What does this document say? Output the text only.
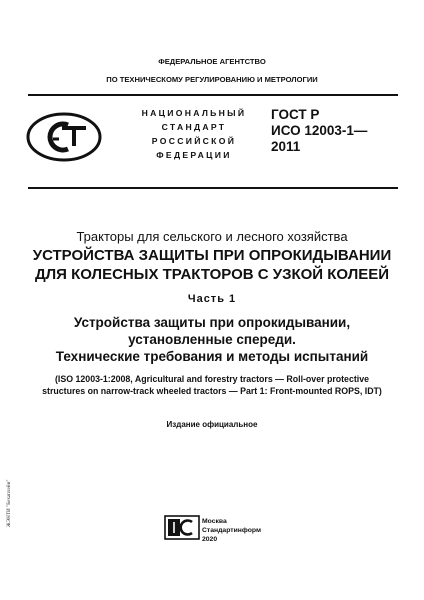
ФЕДЕРАЛЬНОЕ АГЕНТСТВО
ПО ТЕХНИЧЕСКОМУ РЕГУЛИРОВАНИЮ И МЕТРОЛОГИИ
НАЦИОНАЛЬНЫЙ
СТАНДАРТ
РОССИЙСКОЙ
ФЕДЕРАЦИИ
ГОСТ Р
ИСО 12003-1—
2011
Тракторы для сельского и лесного хозяйства
УСТРОЙСТВА ЗАЩИТЫ ПРИ ОПРОКИДЫВАНИИ
ДЛЯ КОЛЕСНЫХ ТРАКТОРОВ С УЗКОЙ КОЛЕЕЙ
Часть 1
Устройства защиты при опрокидывании,
установленные спереди.
Технические требования и методы испытаний
(ISO 12003-1:2008, Agricultural and forestry tractors — Roll-over protective
structures on narrow-track wheeled tractors — Part 1: Front-mounted ROPS, IDT)
Издание официальное
Москва
Стандартинформ
2020
ЖЭНТИ "Бехаплейн"
